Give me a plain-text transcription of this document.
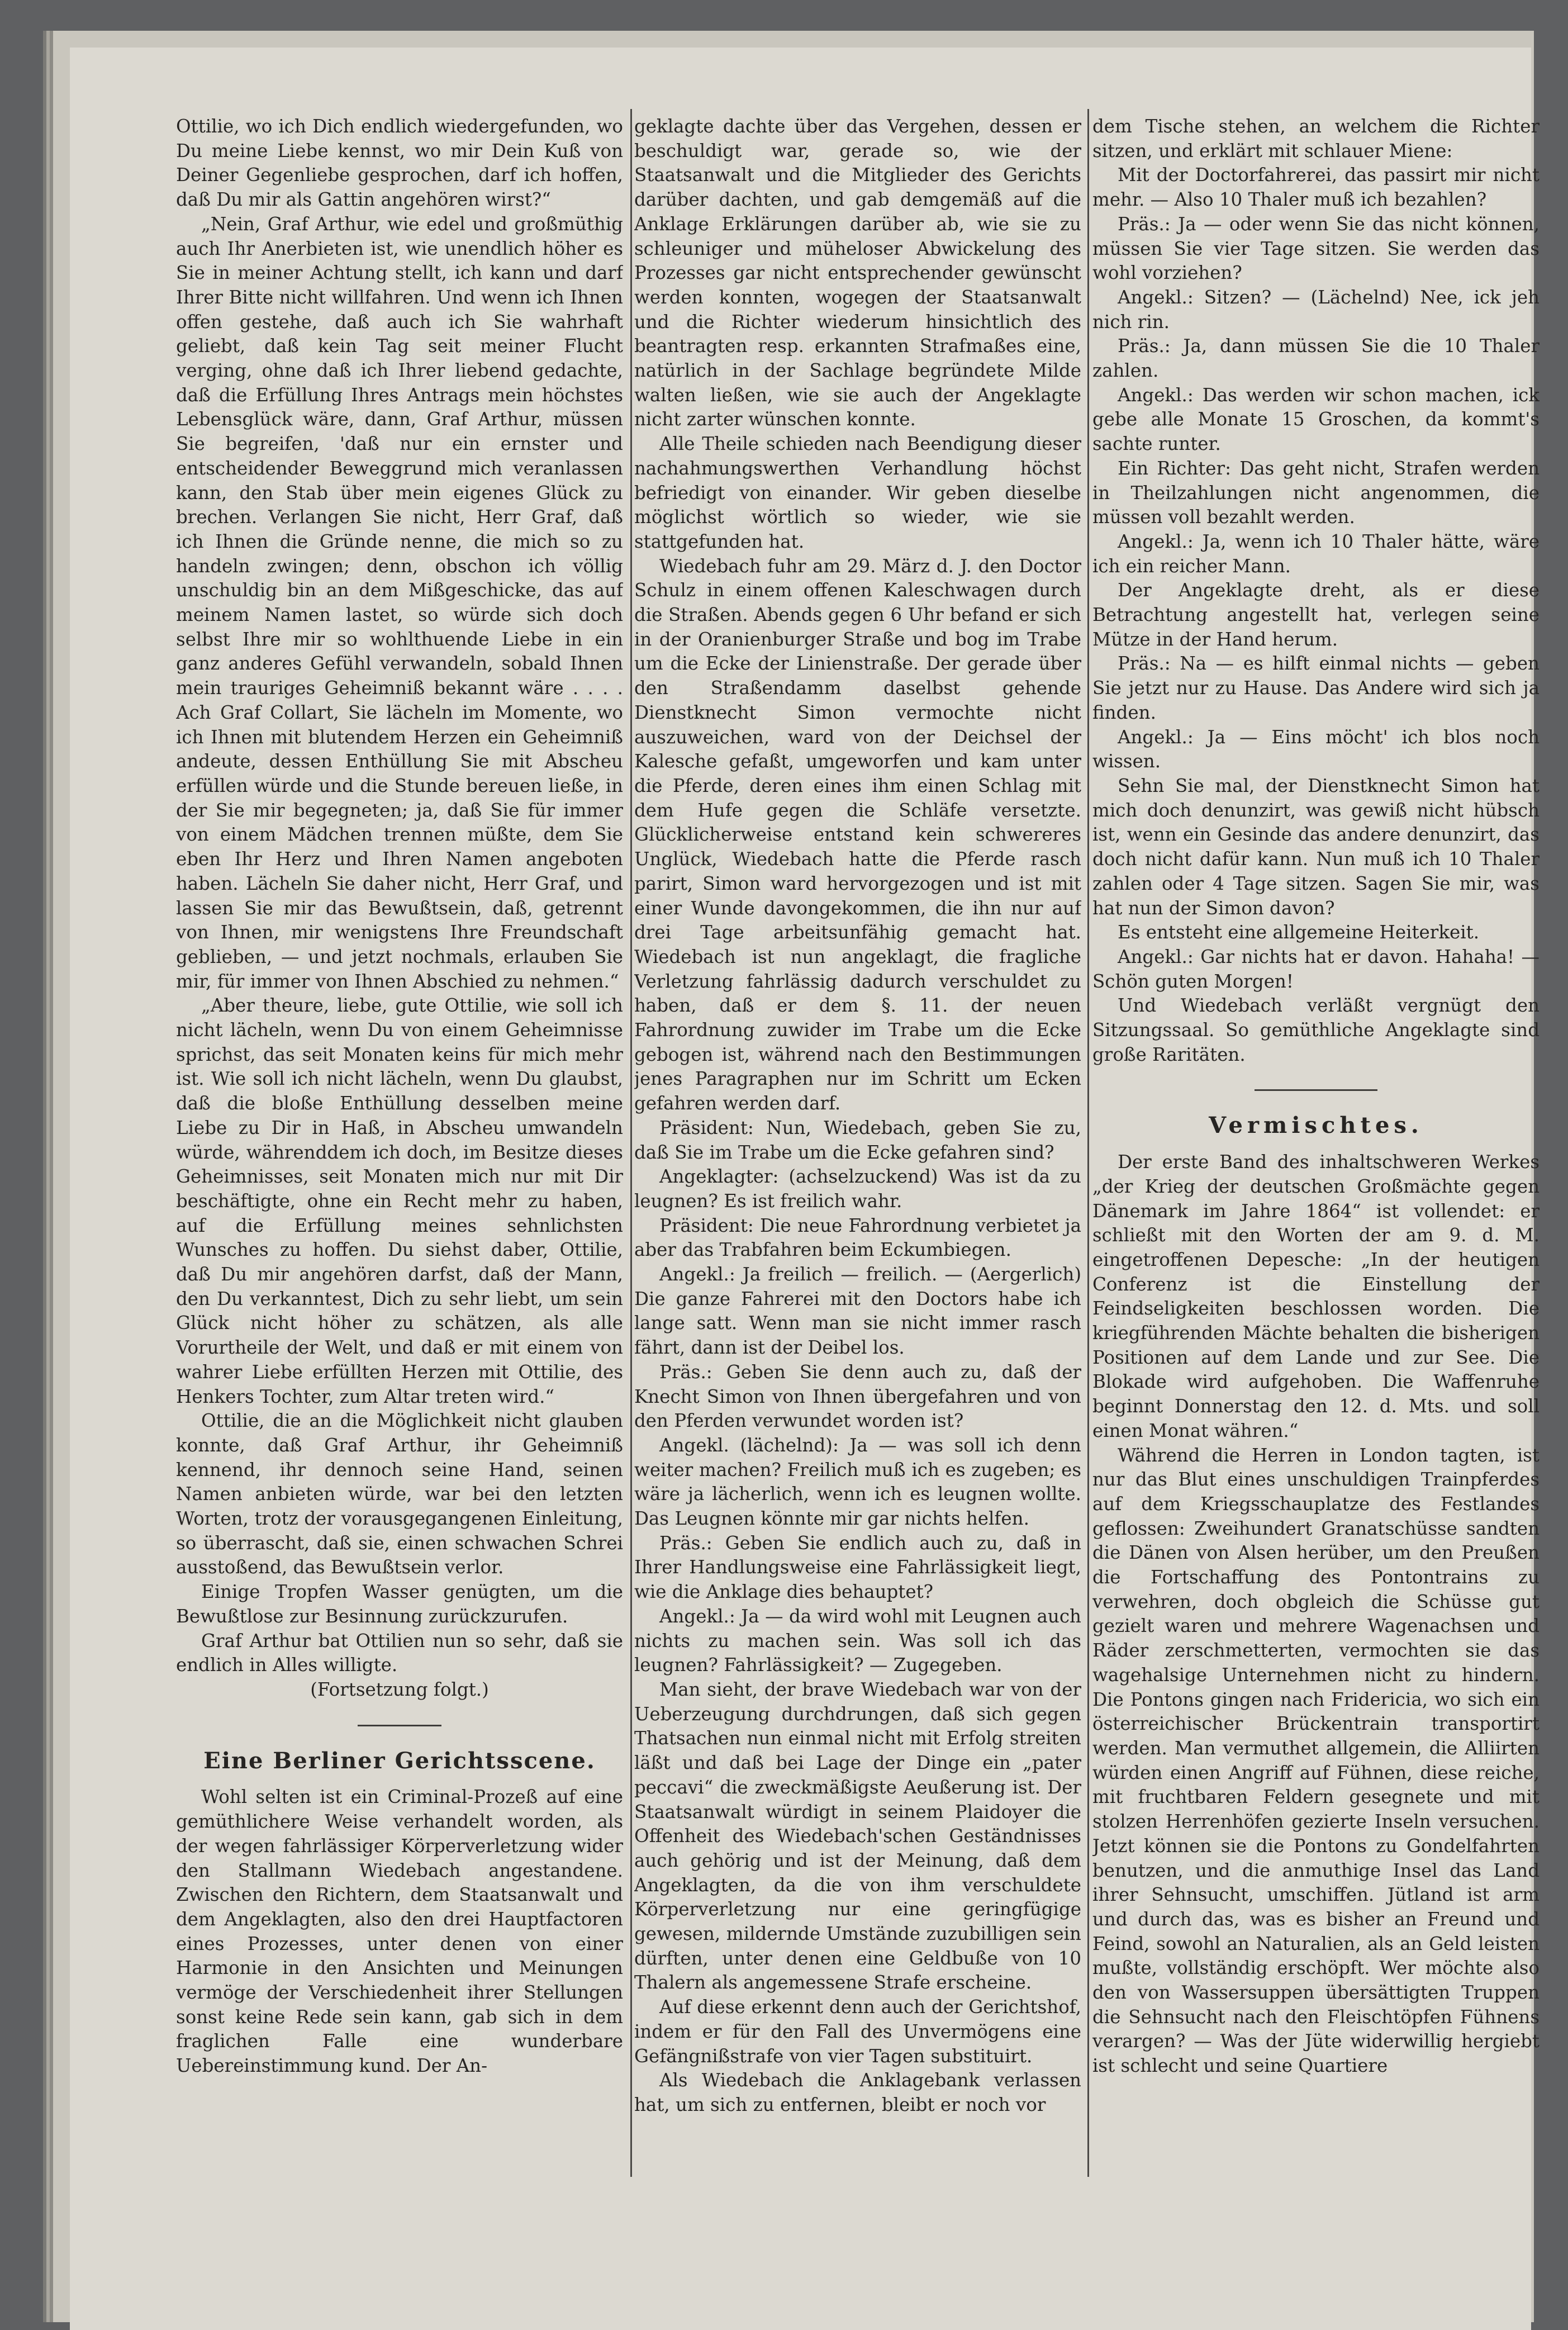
Ottilie, wo ich Dich endlich wiedergefunden, wo Du meine Liebe kennst, wo mir Dein Kuß von Deiner Gegenliebe gesprochen, darf ich hoffen, daß Du mir als Gattin angehören wirst?“

„Nein, Graf Arthur, wie edel und großmüthig auch Ihr Anerbieten ist, wie unendlich höher es Sie in meiner Achtung stellt, ich kann und darf Ihrer Bitte nicht willfahren. Und wenn ich Ihnen offen gestehe, daß auch ich Sie wahrhaft geliebt, daß kein Tag seit meiner Flucht verging, ohne daß ich Ihrer liebend gedachte, daß die Erfüllung Ihres Antrags mein höchstes Lebensglück wäre, dann, Graf Arthur, müssen Sie begreifen, 'daß nur ein ernster und entscheidender Beweggrund mich veranlassen kann, den Stab über mein eigenes Glück zu brechen. Verlangen Sie nicht, Herr Graf, daß ich Ihnen die Gründe nenne, die mich so zu handeln zwingen; denn, obschon ich völlig unschuldig bin an dem Mißgeschicke, das auf meinem Namen lastet, so würde sich doch selbst Ihre mir so wohlthuende Liebe in ein ganz anderes Gefühl verwandeln, sobald Ihnen mein trauriges Geheimniß bekannt wäre . . . . Ach Graf Collart, Sie lächeln im Momente, wo ich Ihnen mit blutendem Herzen ein Geheimniß andeute, dessen Enthüllung Sie mit Abscheu erfüllen würde und die Stunde bereuen ließe, in der Sie mir begegneten; ja, daß Sie für immer von einem Mädchen trennen müßte, dem Sie eben Ihr Herz und Ihren Namen angeboten haben. Lächeln Sie daher nicht, Herr Graf, und lassen Sie mir das Bewußtsein, daß, getrennt von Ihnen, mir wenigstens Ihre Freundschaft geblieben, — und jetzt nochmals, erlauben Sie mir, für immer von Ihnen Abschied zu nehmen.“

„Aber theure, liebe, gute Ottilie, wie soll ich nicht lächeln, wenn Du von einem Geheimnisse sprichst, das seit Monaten keins für mich mehr ist. Wie soll ich nicht lächeln, wenn Du glaubst, daß die bloße Enthüllung desselben meine Liebe zu Dir in Haß, in Abscheu umwandeln würde, währenddem ich doch, im Besitze dieses Geheimnisses, seit Monaten mich nur mit Dir beschäftigte, ohne ein Recht mehr zu haben, auf die Erfüllung meines sehnlichsten Wunsches zu hoffen. Du siehst daber, Ottilie, daß Du mir angehören darfst, daß der Mann, den Du verkanntest, Dich zu sehr liebt, um sein Glück nicht höher zu schätzen, als alle Vorurtheile der Welt, und daß er mit einem von wahrer Liebe erfüllten Herzen mit Ottilie, des Henkers Tochter, zum Altar treten wird.“

Ottilie, die an die Möglichkeit nicht glauben konnte, daß Graf Arthur, ihr Geheimniß kennend, ihr dennoch seine Hand, seinen Namen anbieten würde, war bei den letzten Worten, trotz der vorausgegangenen Einleitung, so überrascht, daß sie, einen schwachen Schrei ausstoßend, das Bewußtsein verlor.

Einige Tropfen Wasser genügten, um die Bewußtlose zur Besinnung zurückzurufen.

Graf Arthur bat Ottilien nun so sehr, daß sie endlich in Alles willigte.

(Fortsetzung folgt.)

Eine Berliner Gerichtsscene.

Wohl selten ist ein Criminal-Prozeß auf eine gemüthlichere Weise verhandelt worden, als der wegen fahrlässiger Körperverletzung wider den Stallmann Wiedebach angestandene. Zwischen den Richtern, dem Staatsanwalt und dem Angeklagten, also den drei Hauptfactoren eines Prozesses, unter denen von einer Harmonie in den Ansichten und Meinungen vermöge der Verschiedenheit ihrer Stellungen sonst keine Rede sein kann, gab sich in dem fraglichen Falle eine wunderbare Uebereinstimmung kund. Der An-

geklagte dachte über das Vergehen, dessen er beschuldigt war, gerade so, wie der Staatsanwalt und die Mitglieder des Gerichts darüber dachten, und gab demgemäß auf die Anklage Erklärungen darüber ab, wie sie zu schleuniger und müheloser Abwickelung des Prozesses gar nicht entsprechender gewünscht werden konnten, wogegen der Staatsanwalt und die Richter wiederum hinsichtlich des beantragten resp. erkannten Strafmaßes eine, natürlich in der Sachlage begründete Milde walten ließen, wie sie auch der Angeklagte nicht zarter wünschen konnte.

Alle Theile schieden nach Beendigung dieser nachahmungswerthen Verhandlung höchst befriedigt von einander. Wir geben dieselbe möglichst wörtlich so wieder, wie sie stattgefunden hat.

Wiedebach fuhr am 29. März d. J. den Doctor Schulz in einem offenen Kaleschwagen durch die Straßen. Abends gegen 6 Uhr befand er sich in der Oranienburger Straße und bog im Trabe um die Ecke der Linienstraße. Der gerade über den Straßendamm daselbst gehende Dienstknecht Simon vermochte nicht auszuweichen, ward von der Deichsel der Kalesche gefaßt, umgeworfen und kam unter die Pferde, deren eines ihm einen Schlag mit dem Hufe gegen die Schläfe versetzte. Glücklicherweise entstand kein schwereres Unglück, Wiedebach hatte die Pferde rasch parirt, Simon ward hervorgezogen und ist mit einer Wunde davongekommen, die ihn nur auf drei Tage arbeitsunfähig gemacht hat. Wiedebach ist nun angeklagt, die fragliche Verletzung fahrlässig dadurch verschuldet zu haben, daß er dem §. 11. der neuen Fahrordnung zuwider im Trabe um die Ecke gebogen ist, während nach den Bestimmungen jenes Paragraphen nur im Schritt um Ecken gefahren werden darf.

Präsident: Nun, Wiedebach, geben Sie zu, daß Sie im Trabe um die Ecke gefahren sind?

Angeklagter: (achselzuckend) Was ist da zu leugnen? Es ist freilich wahr.

Präsident: Die neue Fahrordnung verbietet ja aber das Trabfahren beim Eckumbiegen.

Angekl.: Ja freilich — freilich. — (Aergerlich) Die ganze Fahrerei mit den Doctors habe ich lange satt. Wenn man sie nicht immer rasch fährt, dann ist der Deibel los.

Präs.: Geben Sie denn auch zu, daß der Knecht Simon von Ihnen übergefahren und von den Pferden verwundet worden ist?

Angekl. (lächelnd): Ja — was soll ich denn weiter machen? Freilich muß ich es zugeben; es wäre ja lächerlich, wenn ich es leugnen wollte. Das Leugnen könnte mir gar nichts helfen.

Präs.: Geben Sie endlich auch zu, daß in Ihrer Handlungsweise eine Fahrlässigkeit liegt, wie die Anklage dies behauptet?

Angekl.: Ja — da wird wohl mit Leugnen auch nichts zu machen sein. Was soll ich das leugnen? Fahrlässigkeit? — Zugegeben.

Man sieht, der brave Wiedebach war von der Ueberzeugung durchdrungen, daß sich gegen Thatsachen nun einmal nicht mit Erfolg streiten läßt und daß bei Lage der Dinge ein „pater peccavi“ die zweckmäßigste Aeußerung ist. Der Staatsanwalt würdigt in seinem Plaidoyer die Offenheit des Wiedebach'schen Geständnisses auch gehörig und ist der Meinung, daß dem Angeklagten, da die von ihm verschuldete Körperverletzung nur eine geringfügige gewesen, mildernde Umstände zuzubilligen sein dürften, unter denen eine Geldbuße von 10 Thalern als angemessene Strafe erscheine.

Auf diese erkennt denn auch der Gerichtshof, indem er für den Fall des Unvermögens eine Gefängnißstrafe von vier Tagen substituirt.

Als Wiedebach die Anklagebank verlassen hat, um sich zu entfernen, bleibt er noch vor

dem Tische stehen, an welchem die Richter sitzen, und erklärt mit schlauer Miene:

Mit der Doctorfahrerei, das passirt mir nicht mehr. — Also 10 Thaler muß ich bezahlen?

Präs.: Ja — oder wenn Sie das nicht können, müssen Sie vier Tage sitzen. Sie werden das wohl vorziehen?

Angekl.: Sitzen? — (Lächelnd) Nee, ick jeh nich rin.

Präs.: Ja, dann müssen Sie die 10 Thaler zahlen.

Angekl.: Das werden wir schon machen, ick gebe alle Monate 15 Groschen, da kommt's sachte runter.

Ein Richter: Das geht nicht, Strafen werden in Theilzahlungen nicht angenommen, die müssen voll bezahlt werden.

Angekl.: Ja, wenn ich 10 Thaler hätte, wäre ich ein reicher Mann.

Der Angeklagte dreht, als er diese Betrachtung angestellt hat, verlegen seine Mütze in der Hand herum.

Präs.: Na — es hilft einmal nichts — geben Sie jetzt nur zu Hause. Das Andere wird sich ja finden.

Angekl.: Ja — Eins möcht' ich blos noch wissen.

Sehn Sie mal, der Dienstknecht Simon hat mich doch denunzirt, was gewiß nicht hübsch ist, wenn ein Gesinde das andere denunzirt, das doch nicht dafür kann. Nun muß ich 10 Thaler zahlen oder 4 Tage sitzen. Sagen Sie mir, was hat nun der Simon davon?

Es entsteht eine allgemeine Heiterkeit.

Angekl.: Gar nichts hat er davon. Hahaha! — Schön guten Morgen!

Und Wiedebach verläßt vergnügt den Sitzungssaal. So gemüthliche Angeklagte sind große Raritäten.

Vermischtes.

Der erste Band des inhaltschweren Werkes „der Krieg der deutschen Großmächte gegen Dänemark im Jahre 1864“ ist vollendet: er schließt mit den Worten der am 9. d. M. eingetroffenen Depesche: „In der heutigen Conferenz ist die Einstellung der Feindseligkeiten beschlossen worden. Die kriegführenden Mächte behalten die bisherigen Positionen auf dem Lande und zur See. Die Blokade wird aufgehoben. Die Waffenruhe beginnt Donnerstag den 12. d. Mts. und soll einen Monat währen.“

Während die Herren in London tagten, ist nur das Blut eines unschuldigen Trainpferdes auf dem Kriegsschauplatze des Festlandes geflossen: Zweihundert Granatschüsse sandten die Dänen von Alsen herüber, um den Preußen die Fortschaffung des Pontontrains zu verwehren, doch obgleich die Schüsse gut gezielt waren und mehrere Wagenachsen und Räder zerschmetterten, vermochten sie das wagehalsige Unternehmen nicht zu hindern. Die Pontons gingen nach Fridericia, wo sich ein österreichischer Brückentrain transportirt werden. Man vermuthet allgemein, die Alliirten würden einen Angriff auf Fühnen, diese reiche, mit fruchtbaren Feldern gesegnete und mit stolzen Herrenhöfen gezierte Inseln versuchen. Jetzt können sie die Pontons zu Gondelfahrten benutzen, und die anmuthige Insel das Land ihrer Sehnsucht, umschiffen. Jütland ist arm und durch das, was es bisher an Freund und Feind, sowohl an Naturalien, als an Geld leisten mußte, vollständig erschöpft. Wer möchte also den von Wassersuppen übersättigten Truppen die Sehnsucht nach den Fleischtöpfen Fühnens verargen? — Was der Jüte widerwillig hergiebt ist schlecht und seine Quartiere
